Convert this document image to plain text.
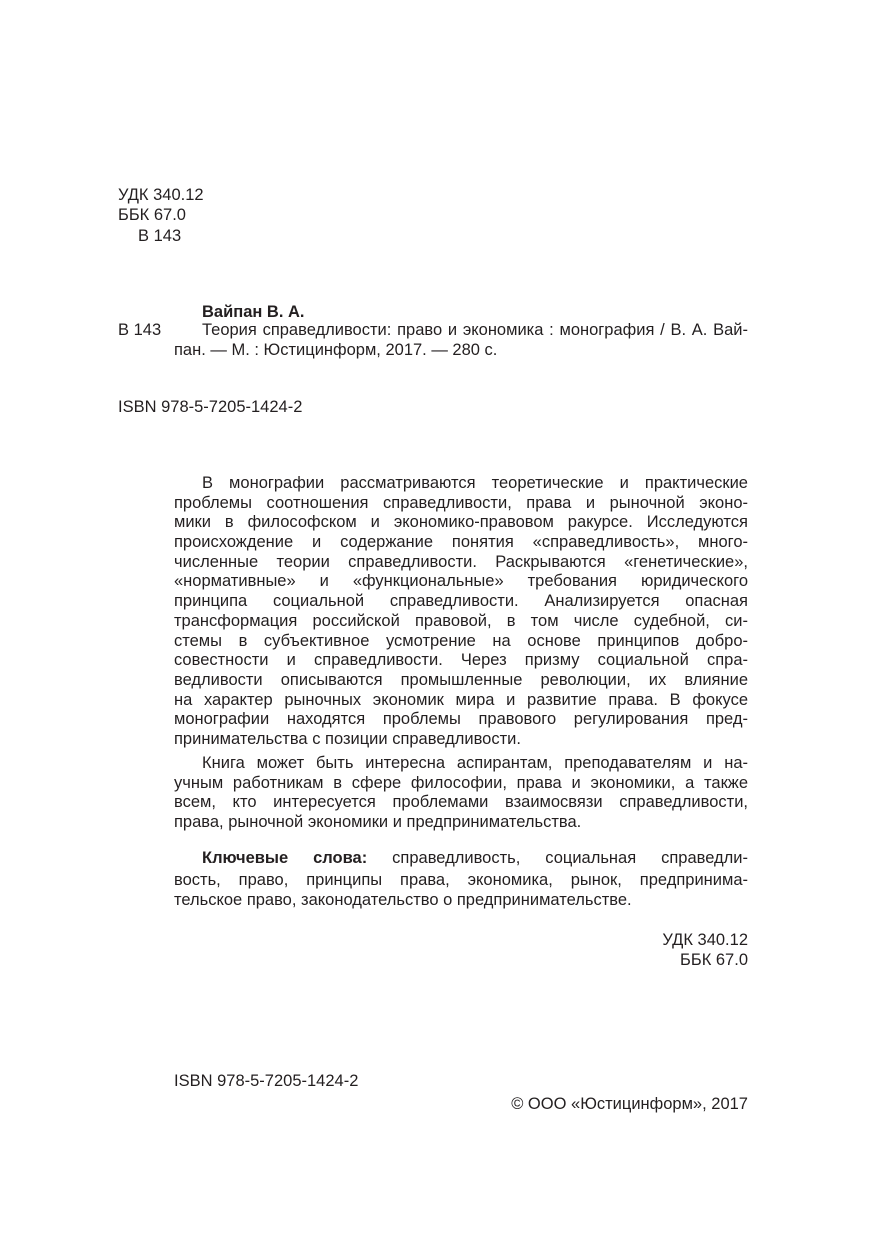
УДК 340.12
ББК 67.0
В 143
Вайпан В. А.
В 143 Теория справедливости: право и экономика : монография / В. А. Вай-
пан. — М. : Юстицинформ, 2017. — 280 с.
ISBN 978-5-7205-1424-2
В монографии рассматриваются теоретические и практические
проблемы соотношения справедливости, права и рыночной эконо-
мики в философском и экономико-правовом ракурсе. Исследуются
происхождение и содержание понятия «справедливость», много-
численные теории справедливости. Раскрываются «генетические»,
«нормативные» и «функциональные» требования юридического
принципа социальной справедливости. Анализируется опасная
трансформация российской правовой, в том числе судебной, си-
стемы в субъективное усмотрение на основе принципов добро-
совестности и справедливости. Через призму социальной спра-
ведливости описываются промышленные революции, их влияние
на характер рыночных экономик мира и развитие права. В фокусе
монографии находятся проблемы правового регулирования пред-
принимательства с позиции справедливости.
Книга может быть интересна аспирантам, преподавателям и на-
учным работникам в сфере философии, права и экономики, а также
всем, кто интересуется проблемами взаимосвязи справедливости,
права, рыночной экономики и предпринимательства.
Ключевые слова: справедливость, социальная справедли-
вость, право, принципы права, экономика, рынок, предпринима-
тельское право, законодательство о предпринимательстве.
УДК 340.12
ББК 67.0
ISBN 978-5-7205-1424-2
© ООО «Юстицинформ», 2017
